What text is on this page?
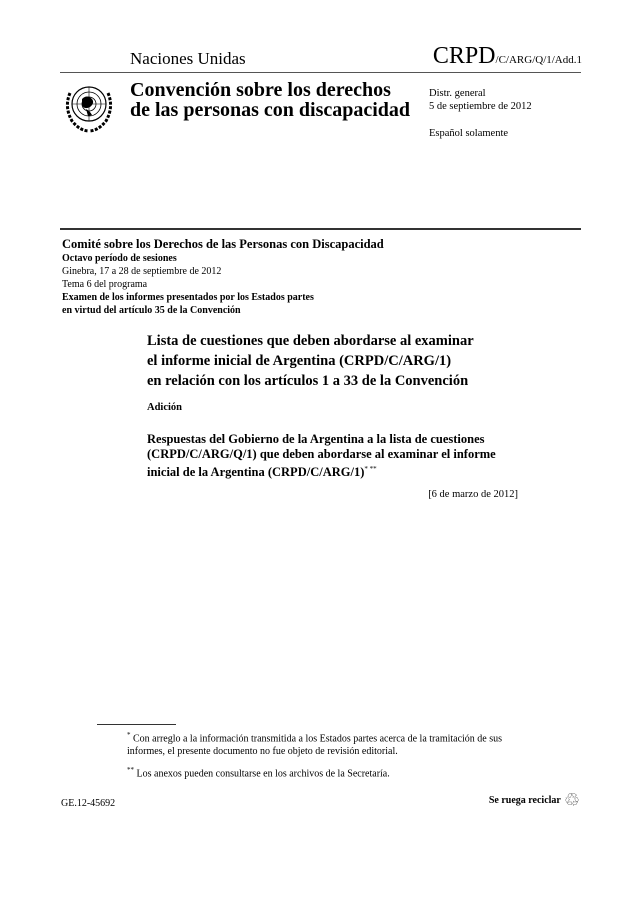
Naciones Unidas	CRPD/C/ARG/Q/1/Add.1
Convención sobre los derechos
de las personas con discapacidad
Distr. general
5 de septiembre de 2012
Español solamente
Comité sobre los Derechos de las Personas con Discapacidad
Octavo período de sesiones
Ginebra, 17 a 28 de septiembre de 2012
Tema 6 del programa
Examen de los informes presentados por los Estados partes
en virtud del artículo 35 de la Convención
Lista de cuestiones que deben abordarse al examinar
el informe inicial de Argentina (CRPD/C/ARG/1)
en relación con los artículos 1 a 33 de la Convención
Adición
Respuestas del Gobierno de la Argentina a la lista de cuestiones
(CRPD/C/ARG/Q/1) que deben abordarse al examinar el informe
inicial de la Argentina (CRPD/C/ARG/1)* **
[6 de marzo de 2012]

* Con arreglo a la información transmitida a los Estados partes acerca de la tramitación de sus informes, el presente documento no fue objeto de revisión editorial.

** Los anexos pueden consultarse en los archivos de la Secretaría.

GE.12-45692	Se ruega reciclar ♲
